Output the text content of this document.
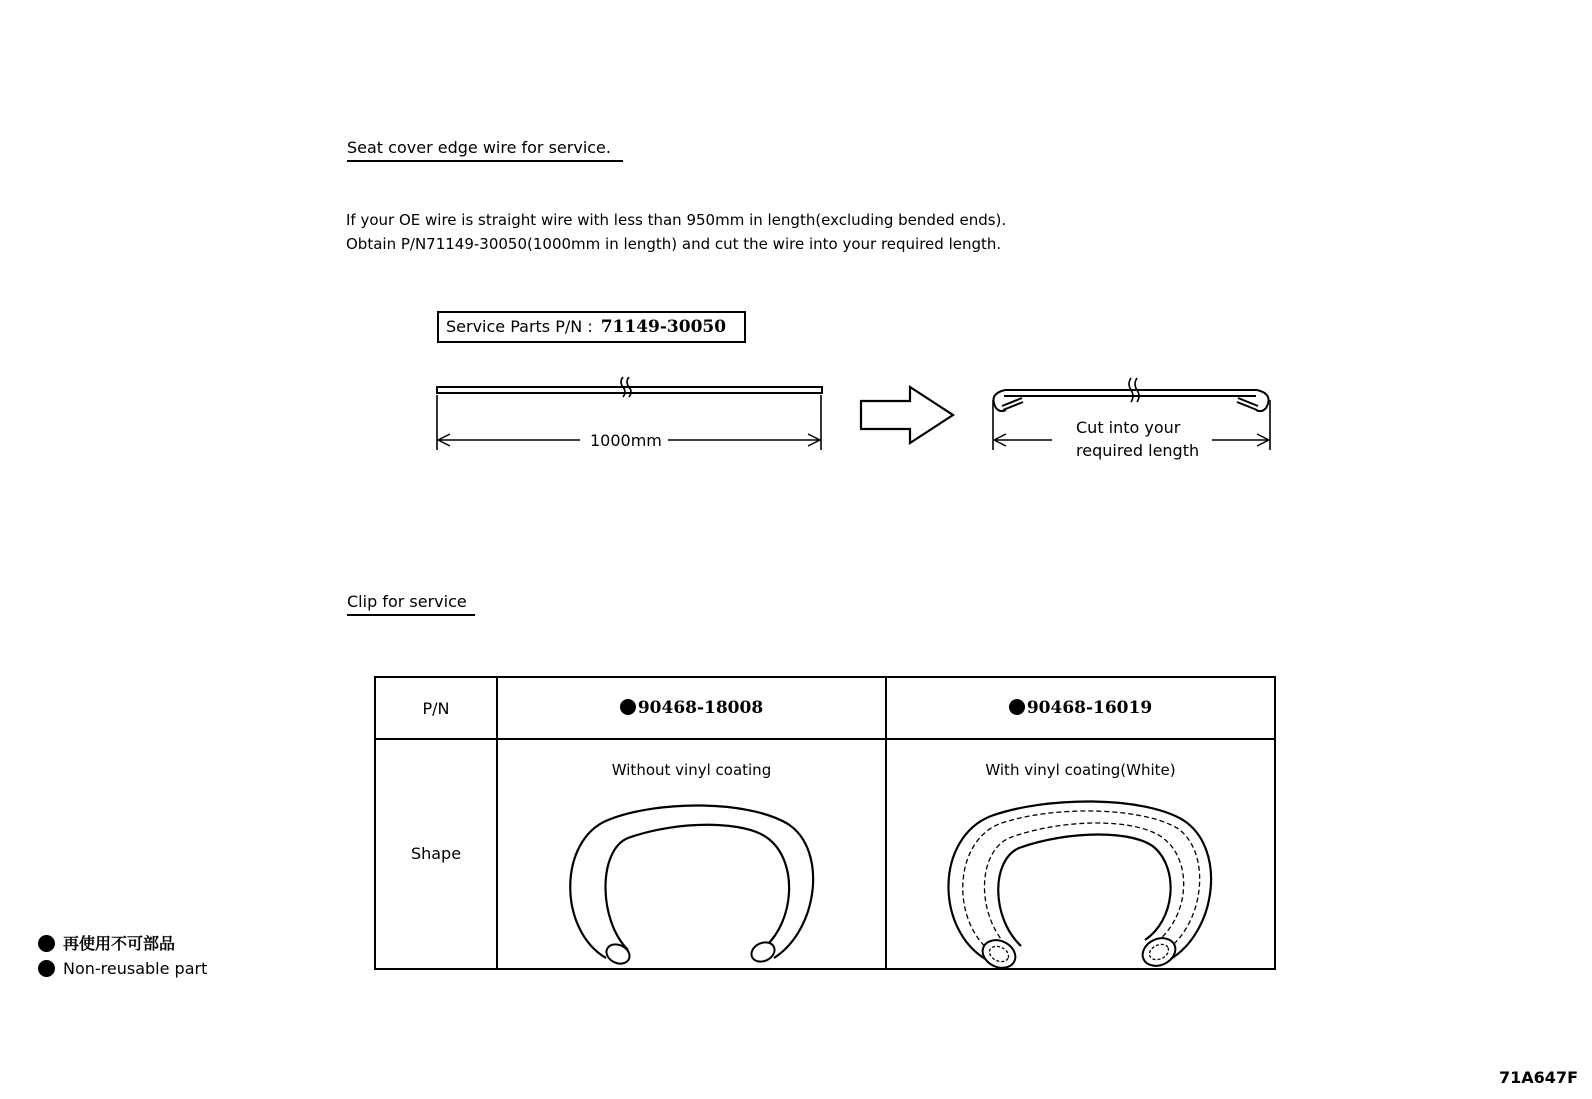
Seat cover edge wire for service.
If your OE wire is straight wire with less than 950mm in length(excluding bended ends).
Obtain P/N71149-30050(1000mm in length) and cut the wire into your required length.
Service Parts P/N : 71149-30050
1000mm
Cut into your
required length
Clip for service
P/N	90468-18008	90468-16019

Shape	Without vinyl coating	With vinyl coating(White)
再使用不可部品
Non-reusable part
71A647F
